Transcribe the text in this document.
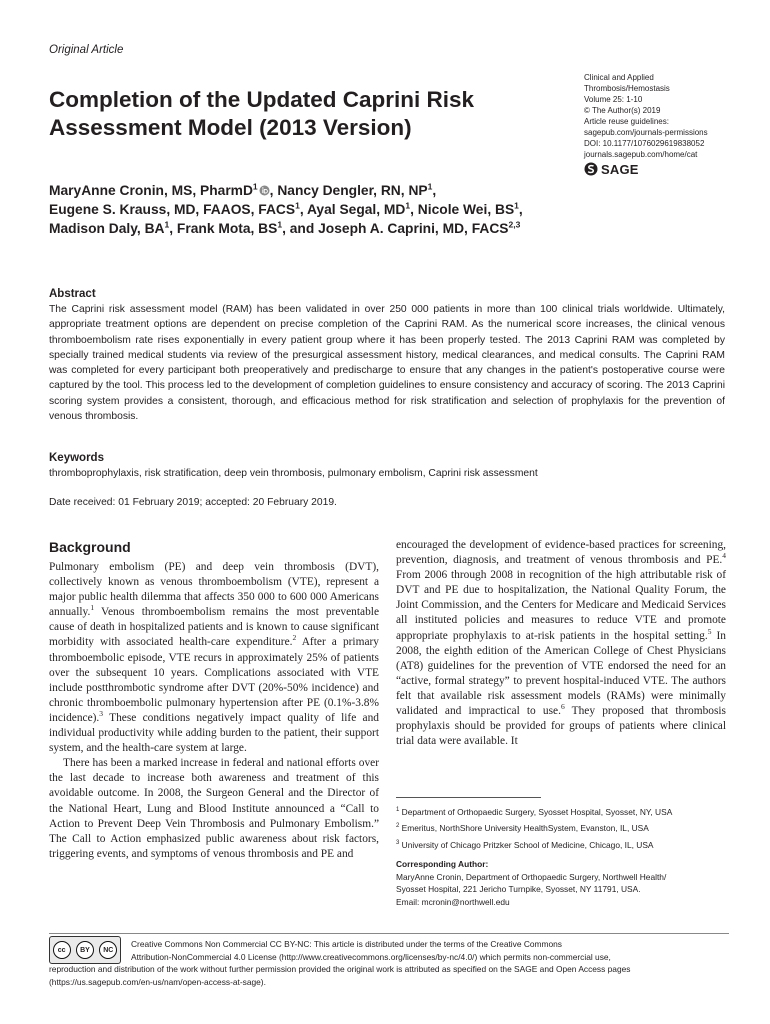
Original Article
Completion of the Updated Caprini Risk Assessment Model (2013 Version)
Clinical and Applied
Thrombosis/Hemostasis
Volume 25: 1-10
© The Author(s) 2019
Article reuse guidelines:
sagepub.com/journals-permissions
DOI: 10.1177/1076029619838052
journals.sagepub.com/home/cat
SAGE

MaryAnne Cronin, MS, PharmD$^1$ , Nancy Dengler, RN, $NP^1$,
Eugene S. Krauss, MD, FAAOS, FACS$^1$, Ayal Segal, $MD^1$, Nicole Wei, $BS^1$,
Madison Daly, $BA^1$, Frank Mota, $BS^1$, and Joseph A. Caprini, MD, FACS$^{2,3}$

Abstract
The Caprini risk assessment model (RAM) has been validated in over 250 000 patients in more than 100 clinical trials worldwide. Ultimately, appropriate treatment options are dependent on precise completion of the Caprini RAM. As the numerical score increases, the clinical venous thromboembolism rate rises exponentially in every patient group where it has been properly tested. The 2013 Caprini RAM was completed by specially trained medical students via review of the presurgical assessment history, medical clearances, and medical consults. The Caprini RAM was completed for every participant both preoperatively and predischarge to ensure that any changes in the patient's postoperative course were captured by the tool. This process led to the development of completion guidelines to ensure consistency and accuracy of scoring. The 2013 Caprini scoring system provides a consistent, thorough, and efficacious method for risk stratification and selection of prophylaxis for the prevention of venous thrombosis.
Keywords
thromboprophylaxis, risk stratification, deep vein thrombosis, pulmonary embolism, Caprini risk assessment
Date received: 01 February 2019; accepted: 20 February 2019.
Background

Pulmonary embolism (PE) and deep vein thrombosis (DVT), collectively known as venous thromboembolism (VTE), represent a major public health dilemma that affects 350 000 to 600 000 Americans annually.$^1$ Venous thromboembolism remains the most preventable cause of death in hospitalized patients and is known to cause significant morbidity with associated health-care expenditure.$^2$ After a primary thromboembolic episode, VTE recurs in approximately 25% of patients over the subsequent 10 years. Complications associated with VTE include postthrombotic syndrome after DVT (20%-50% incidence) and chronic thromboembolic pulmonary hypertension after PE (0.1%-3.8% incidence).$^3$ These conditions negatively impact quality of life and individual productivity while adding burden to the patient, their support system, and the health-care system at large.

There has been a marked increase in federal and national efforts over the last decade to increase both awareness and treatment of this avoidable outcome. In 2008, the Surgeon General and the Director of the National Heart, Lung and Blood Institute announced a “Call to Action to Prevent Deep Vein Thrombosis and Pulmonary Embolism.” The Call to Action emphasized public awareness about risk factors, triggering events, and symptoms of venous thrombosis and PE and

encouraged the development of evidence-based practices for screening, prevention, diagnosis, and treatment of venous thrombosis and PE.$^4$ From 2006 through 2008 in recognition of the high attributable risk of DVT and PE due to hospitalization, the National Quality Forum, the Joint Commission, and the Centers for Medicare and Medicaid Services all instituted policies and measures to reduce VTE and promote appropriate prophylaxis to at-risk patients in the hospital setting.$^5$ In 2008, the eighth edition of the American College of Chest Physicians (AT8) guidelines for the prevention of VTE endorsed the need for an “active, formal strategy” to prevent hospital-induced VTE. The authors felt that available risk assessment models (RAMs) were minimally validated and impractical to use.$^6$ They proposed that thrombosis prophylaxis should be provided for groups of patients where clinical trial data were available. It

$^1$ Department of Orthopaedic Surgery, Syosset Hospital, Syosset, NY, USA
$^2$ Emeritus, NorthShore University HealthSystem, Evanston, IL, USA
$^3$ University of Chicago Pritzker School of Medicine, Chicago, IL, USA
Corresponding Author:
MaryAnne Cronin, Department of Orthopaedic Surgery, Northwell Health/
Syosset Hospital, 221 Jericho Turnpike, Syosset, NY 11791, USA.
Email: mcronin@northwell.edu
cc	BY	NC
Creative Commons Non Commercial CC BY-NC: This article is distributed under the terms of the Creative Commons
Attribution-NonCommercial 4.0 License (http://www.creativecommons.org/licenses/by-nc/4.0/) which permits non-commercial use,
reproduction and distribution of the work without further permission provided the original work is attributed as specified on the SAGE and Open Access pages (https://us.sagepub.com/en-us/nam/open-access-at-sage).
